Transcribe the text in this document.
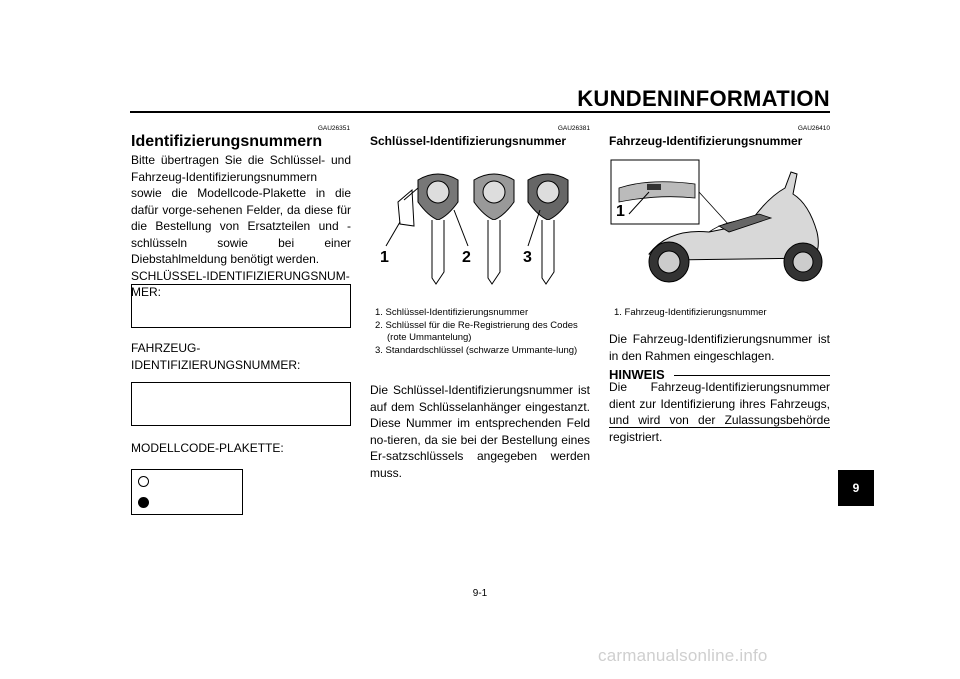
KUNDENINFORMATION
GAU26351
Identifizierungsnummern

Bitte übertragen Sie die Schlüssel- und Fahrzeug-Identifizierungsnummern sowie die Modellcode-Plakette in die dafür vorge-sehenen Felder, da diese für die Bestellung von Ersatzteilen und -schlüsseln sowie bei einer Diebstahlmeldung benötigt werden.

SCHLÜSSEL-IDENTIFIZIERUNGSNUM-

MER:

FAHRZEUG-

IDENTIFIZIERUNGSNUMMER:

MODELLCODE-PLAKETTE:
GAU26381
Schlüssel-Identifizierungsnummer
1	2	3
1. Schlüssel-Identifizierungsnummer
2. Schlüssel für die Re-Registrierung des Codes (rote Ummantelung)
3. Standardschlüssel (schwarze Ummante-lung)
Die Schlüssel-Identifizierungsnummer ist auf dem Schlüsselanhänger eingestanzt. Diese Nummer im entsprechenden Feld no-tieren, da sie bei der Bestellung eines Er-satzschlüssels angegeben werden muss.
GAU26410
Fahrzeug-Identifizierungsnummer
1
1. Fahrzeug-Identifizierungsnummer
Die Fahrzeug-Identifizierungsnummer ist in den Rahmen eingeschlagen.
HINWEIS
Die Fahrzeug-Identifizierungsnummer dient zur Identifizierung ihres Fahrzeugs, und wird von der Zulassungsbehörde registriert.
9
9-1
carmanualsonline.info
